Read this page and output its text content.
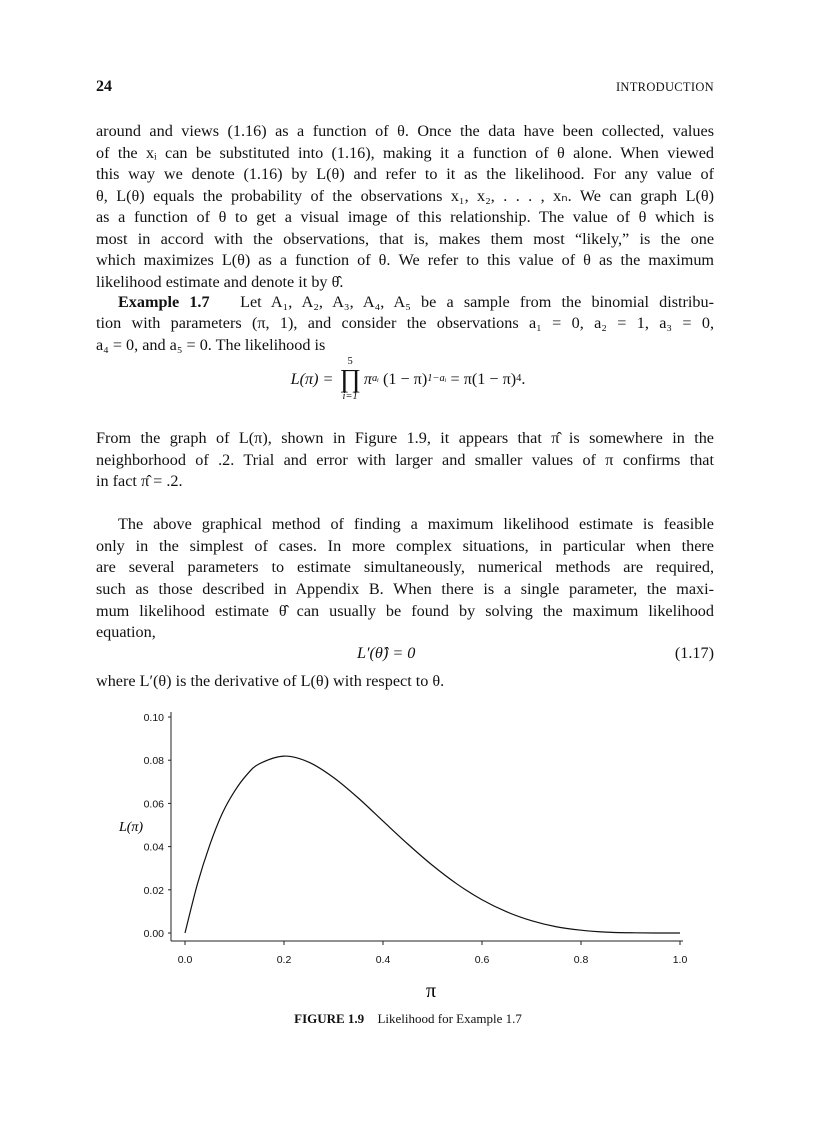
24	INTRODUCTION
around and views (1.16) as a function of θ. Once the data have been collected, values
of the xᵢ can be substituted into (1.16), making it a function of θ alone. When viewed
this way we denote (1.16) by L(θ) and refer to it as the likelihood. For any value of
θ, L(θ) equals the probability of the observations x₁, x₂, . . . , xₙ. We can graph L(θ)
as a function of θ to get a visual image of this relationship. The value of θ which is
most in accord with the observations, that is, makes them most “likely,” is the one
which maximizes L(θ) as a function of θ. We refer to this value of θ as the maximum
likelihood estimate and denote it by θ̂.
Example 1.7 Let A₁, A₂, A₃, A₄, A₅ be a sample from the binomial distribu-
tion with parameters (π, 1), and consider the observations a₁ = 0, a₂ = 1, a₃ = 0,
a₄ = 0, and a₅ = 0. The likelihood is
L(π) =
5
∏
i=1
π aᵢ
(1 − π) 1−aᵢ
= π(1 − π) 4 .
From the graph of L(π), shown in Figure 1.9, it appears that π̂ is somewhere in the
neighborhood of .2. Trial and error with larger and smaller values of π confirms that
in fact π̂ = .2.
The above graphical method of finding a maximum likelihood estimate is feasible
only in the simplest of cases. In more complex situations, in particular when there
are several parameters to estimate simultaneously, numerical methods are required,
such as those described in Appendix B. When there is a single parameter, the maxi-
mum likelihood estimate θ̂ can usually be found by solving the maximum likelihood
equation,
L′(θ̂) = 0	(1.17)
where L′(θ) is the derivative of L(θ) with respect to θ.
0.00
0.02
0.04
0.06
0.08
0.10
0.0	0.2	0.4	0.6	0.8	1.0
L(π)
π
FIGURE 1.9 Likelihood for Example 1.7
